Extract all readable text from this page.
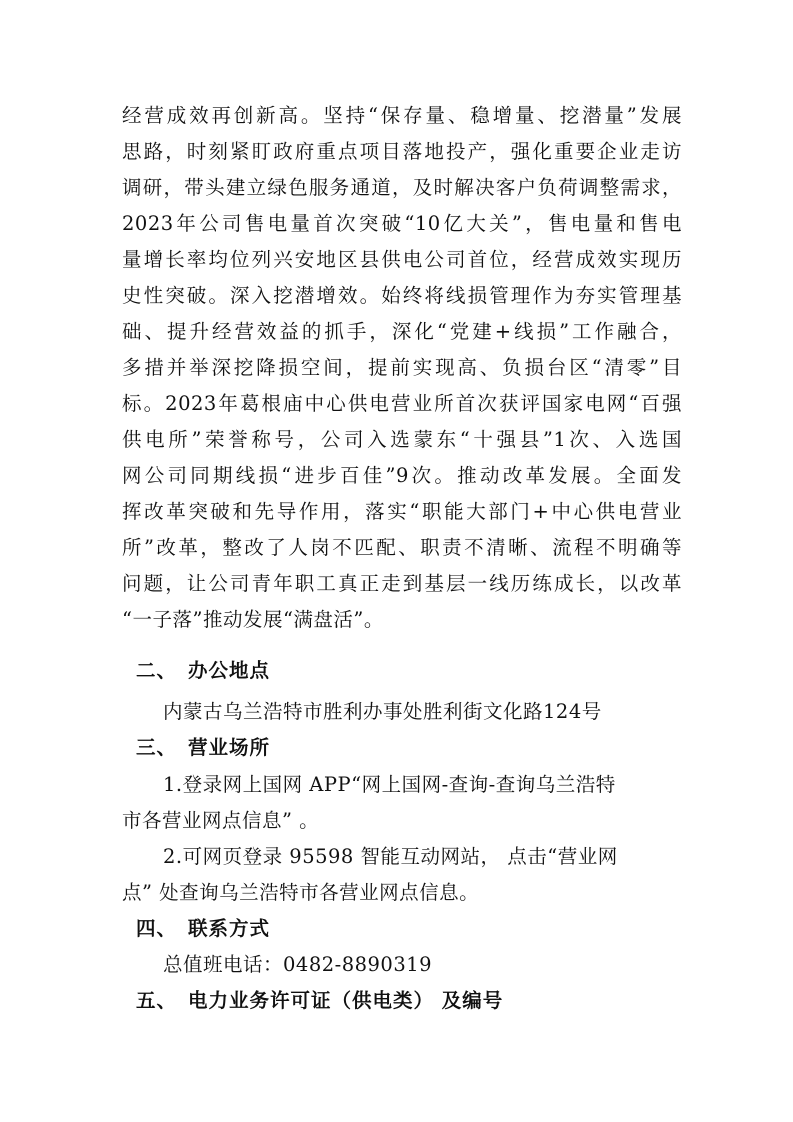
经营成效再创新高。坚持“保存量、稳增量、挖潜量”发展
思路，时刻紧盯政府重点项目落地投产，强化重要企业走访
调研，带头建立绿色服务通道，及时解决客户负荷调整需求，
2023年公司售电量首次突破“10亿大关”，售电量和售电
量增长率均位列兴安地区县供电公司首位，经营成效实现历
史性突破。深入挖潜增效。始终将线损管理作为夯实管理基
础、提升经营效益的抓手，深化“党建+线损”工作融合，
多措并举深挖降损空间，提前实现高、负损台区“清零”目
标。2023年葛根庙中心供电营业所首次获评国家电网“百强
供电所”荣誉称号，公司入选蒙东“十强县”1次、入选国
网公司同期线损“进步百佳”9次。推动改革发展。全面发
挥改革突破和先导作用，落实“职能大部门+中心供电营业
所”改革，整改了人岗不匹配、职责不清晰、流程不明确等
问题，让公司青年职工真正走到基层一线历练成长，以改革
“一子落”推动发展“满盘活”。
二、 办公地点
内蒙古乌兰浩特市胜利办事处胜利街文化路124号
三、 营业场所
1.登录网上国网 APP“网上国网-查询-查询乌兰浩特
市各营业网点信息” 。
2.可网页登录 95598 智能互动网站， 点击“营业网
点” 处查询乌兰浩特市各营业网点信息。
四、 联系方式
总值班电话：0482-8890319
五、 电力业务许可证（供电类） 及编号
